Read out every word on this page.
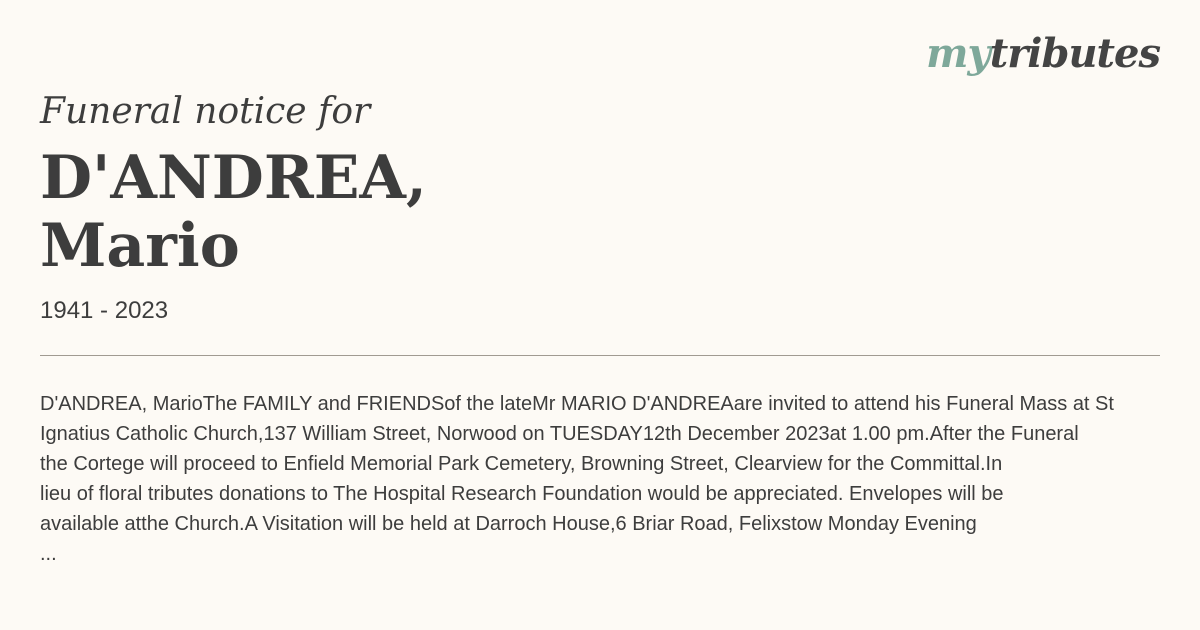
mytributes

Funeral notice for

D'ANDREA,
Mario
1941 - 2023

D'ANDREA, MarioThe FAMILY and FRIENDSof the lateMr MARIO D'ANDREAare invited to attend his Funeral Mass at St
Ignatius Catholic Church,137 William Street, Norwood on TUESDAY12th December 2023at 1.00 pm.After the Funeral
the Cortege will proceed to Enfield Memorial Park Cemetery, Browning Street, Clearview for the Committal.In
lieu of floral tributes donations to The Hospital Research Foundation would be appreciated. Envelopes will be
available atthe Church.A Visitation will be held at Darroch House,6 Briar Road, Felixstow Monday Evening
...
